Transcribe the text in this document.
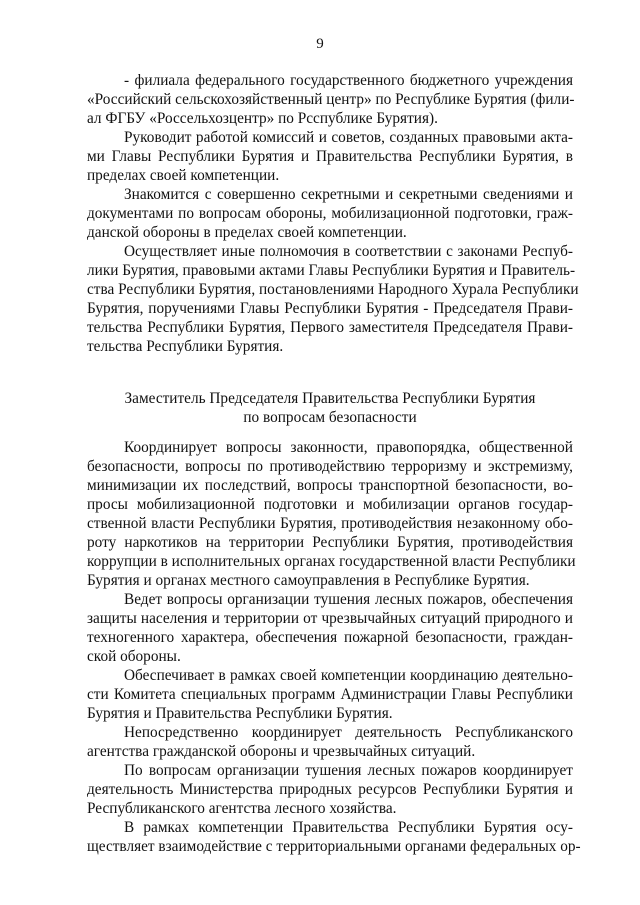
9
- филиала федерального государственного бюджетного учреждения
«Российский сельскохозяйственный центр» по Республике Бурятия (фили-
ал ФГБУ «Россельхозцентр» по Рсспублике Бурятия).
Руководит работой комиссий и советов, созданных правовыми акта-
ми Главы Республики Бурятия и Правительства Республики Бурятия, в
пределах своей компетенции.
Знакомится с совершенно секретными и секретными сведениями и
документами по вопросам обороны, мобилизационной подготовки, граж-
данской обороны в пределах своей компетенции.
Осуществляет иные полномочия в соответствии с законами Респуб-
лики Бурятия, правовыми актами Главы Республики Бурятия и Правитель-
ства Республики Бурятия, постановлениями Народного Хурала Республики
Бурятия, поручениями Главы Республики Бурятия - Председателя Прави-
тельства Республики Бурятия, Первого заместителя Председателя Прави-
тельства Республики Бурятия.
Заместитель Председателя Правительства Республики Бурятия
по вопросам безопасности
Координирует вопросы законности, правопорядка, общественной
безопасности, вопросы по противодействию терроризму и экстремизму,
минимизации их последствий, вопросы транспортной безопасности, во-
просы мобилизационной подготовки и мобилизации органов государ-
ственной власти Республики Бурятия, противодействия незаконному обо-
роту наркотиков на территории Республики Бурятия, противодействия
коррупции в исполнительных органах государственной власти Республики
Бурятия и органах местного самоуправления в Республике Бурятия.
Ведет вопросы организации тушения лесных пожаров, обеспечения
защиты населения и территории от чрезвычайных ситуаций природного и
техногенного характера, обеспечения пожарной безопасности, граждан-
ской обороны.
Обеспечивает в рамках своей компетенции координацию деятельно-
сти Комитета специальных программ Администрации Главы Республики
Бурятия и Правительства Республики Бурятия.
Непосредственно координирует деятельность Республиканского
агентства гражданской обороны и чрезвычайных ситуаций.
По вопросам организации тушения лесных пожаров координирует
деятельность Министерства природных ресурсов Республики Бурятия и
Республиканского агентства лесного хозяйства.
В рамках компетенции Правительства Республики Бурятия осу-
ществляет взаимодействие с территориальными органами федеральных ор-
